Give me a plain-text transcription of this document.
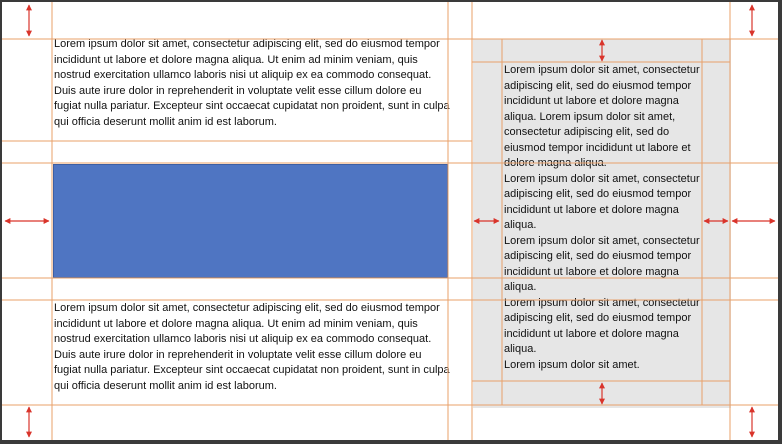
Lorem ipsum dolor sit amet, consectetur adipiscing elit, sed do eiusmod tempor incididunt ut labore et dolore magna aliqua. Ut enim ad minim veniam, quis nostrud exercitation ullamco laboris nisi ut aliquip ex ea commodo consequat. Duis aute irure dolor in reprehenderit in voluptate velit esse cillum dolore eu fugiat nulla pariatur. Excepteur sint occaecat cupidatat non proident, sunt in culpa qui officia deserunt mollit anim id est laborum.

Lorem ipsum dolor sit amet, consectetur adipiscing elit, sed do eiusmod tempor incididunt ut labore et dolore magna aliqua. Ut enim ad minim veniam, quis nostrud exercitation ullamco laboris nisi ut aliquip ex ea commodo consequat. Duis aute irure dolor in reprehenderit in voluptate velit esse cillum dolore eu fugiat nulla pariatur. Excepteur sint occaecat cupidatat non proident, sunt in culpa qui officia deserunt mollit anim id est laborum.

Lorem ipsum dolor sit amet, consectetur adipiscing elit, sed do eiusmod tempor incididunt ut labore et dolore magna aliqua. Lorem ipsum dolor sit amet, consectetur adipiscing elit, sed do eiusmod tempor incididunt ut labore et dolore magna aliqua.

Lorem ipsum dolor sit amet, consectetur adipiscing elit, sed do eiusmod tempor incididunt ut labore et dolore magna aliqua.

Lorem ipsum dolor sit amet, consectetur adipiscing elit, sed do eiusmod tempor incididunt ut labore et dolore magna aliqua.

Lorem ipsum dolor sit amet, consectetur adipiscing elit, sed do eiusmod tempor incididunt ut labore et dolore magna aliqua.

Lorem ipsum dolor sit amet.
